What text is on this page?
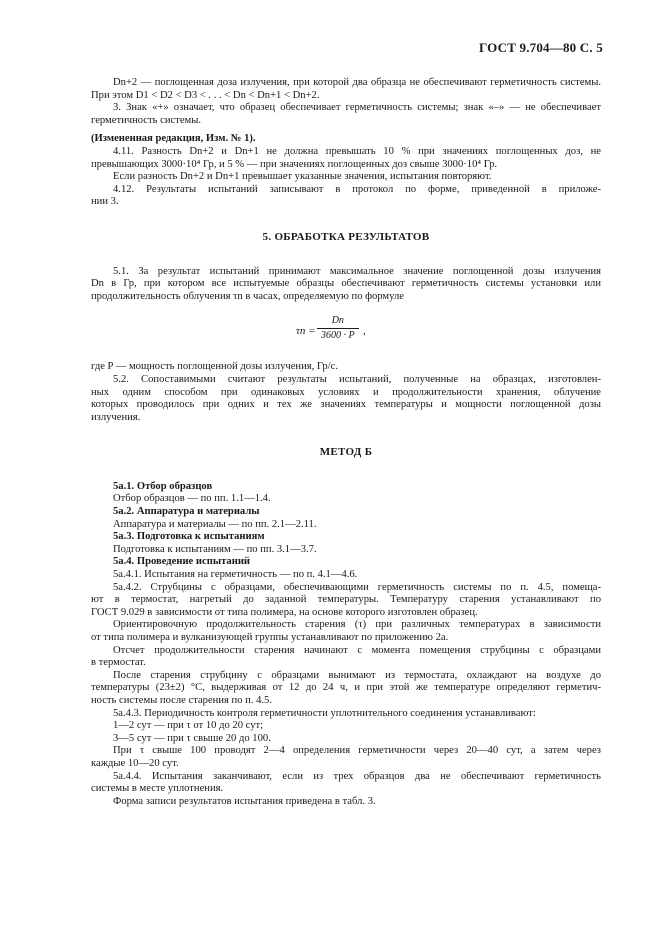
ГОСТ 9.704—80 С. 5

Dn+2 — поглощенная доза излучения, при которой два образца не обеспечивают герметичность системы.

При этом D1 < D2 < D3 < . . . < Dn < Dn+1 < Dn+2.

3. Знак «+» означает, что образец обеспечивает герметичность системы; знак «–» — не обеспечивает

герметичность системы.

(Измененная редакция, Изм. № 1).

4.11. Разность Dn+2 и Dn+1 не должна превышать 10 % при значениях поглощенных доз, не

превышающих 3000·10⁴ Гр, и 5 % — при значениях поглощенных доз свыше 3000·10⁴ Гр.

Если разность Dn+2 и Dn+1 превышает указанные значения, испытания повторяют.

4.12. Результаты испытаний записывают в протокол по форме, приведенной в приложе-

нии 3.

5. ОБРАБОТКА РЕЗУЛЬТАТОВ

5.1. За результат испытаний принимают максимальное значение поглощенной дозы излучения

Dn в Гр, при котором все испытуемые образцы обеспечивают герметичность системы установки или

продолжительность облучения τn в часах, определяемую по формуле

τn =
Dn
3600 · P ,

где P — мощность поглощенной дозы излучения, Гр/с.

5.2. Сопоставимыми считают результаты испытаний, полученные на образцах, изготовлен-

ных одним способом при одинаковых условиях и продолжительности хранения, облучение

которых проводилось при одних и тех же значениях температуры и мощности поглощенной дозы

излучения.

МЕТОД Б

5а.1. Отбор образцов

Отбор образцов — по пп. 1.1—1.4.

5а.2. Аппаратура и материалы

Аппаратура и материалы — по пп. 2.1—2.11.

5а.3. Подготовка к испытаниям

Подготовка к испытаниям — по пп. 3.1—3.7.

5а.4. Проведение испытаний

5а.4.1. Испытания на герметичность — по п. 4.1—4.6.

5а.4.2. Струбцины с образцами, обеспечивающими герметичность системы по п. 4.5, помеща-

ют в термостат, нагретый до заданной температуры. Температуру старения устанавливают по

ГОСТ 9.029 в зависимости от типа полимера, на основе которого изготовлен образец.

Ориентировочную продолжительность старения (τ) при различных температурах в зависимости

от типа полимера и вулканизующей группы устанавливают по приложению 2а.

Отсчет продолжительности старения начинают с момента помещения струбцины с образцами

в термостат.

После старения струбцину с образцами вынимают из термостата, охлаждают на воздухе до

температуры (23±2) °С, выдерживая от 12 до 24 ч, и при этой же температуре определяют герметич-

ность системы после старения по п. 4.5.

5а.4.3. Периодичность контроля герметичности уплотнительного соединения устанавливают:

1—2 сут — при τ от 10 до 20 сут;

3—5 сут — при τ свыше 20 до 100.

При τ свыше 100 проводят 2—4 определения герметичности через 20—40 сут, а затем через

каждые 10—20 сут.

5а.4.4. Испытания заканчивают, если из трех образцов два не обеспечивают герметичность

системы в месте уплотнения.

Форма записи результатов испытания приведена в табл. 3.
